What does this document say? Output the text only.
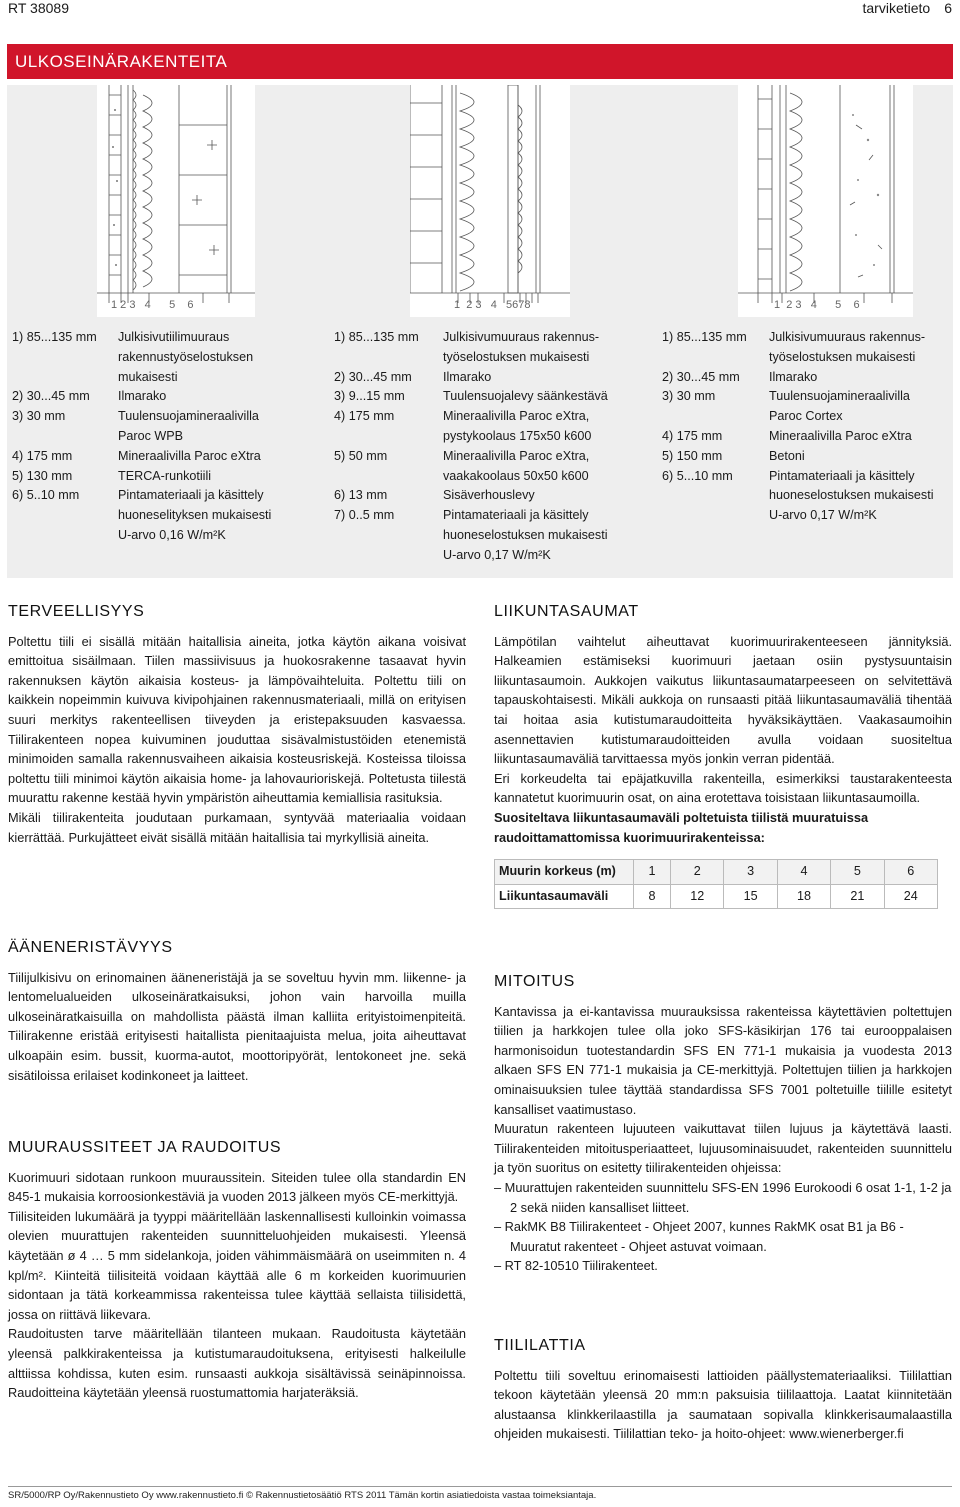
RT 38089	tarviketieto 6
ULKOSEINÄRAKENTEITA
1 2 3   4      5    6	1  2 3   4   5678	1  2 3   4      5    6
1) 85...135 mm	Julkisivutiilimuuraus
rakennustyöselostuksen
mukaisesti
2) 30...45 mm	Ilmarako
3) 30 mm	Tuulensuojamineraalivilla
Paroc WPB
4) 175 mm	Mineraalivilla Paroc eXtra
5) 130 mm	TERCA-runkotiili
6) 5..10 mm	Pintamateriaali ja käsittely
huoneselityksen mukaisesti
U-arvo 0,16 W/m²K
1) 85...135 mm	Julkisivumuuraus rakennus-
työselostuksen mukaisesti
2) 30...45 mm	Ilmarako
3) 9...15 mm	Tuulensuojalevy säänkestävä
4) 175 mm	Mineraalivilla Paroc eXtra,
pystykoolaus 175x50 k600
5) 50 mm	Mineraalivilla Paroc eXtra,
vaakakoolaus 50x50 k600
6) 13 mm	Sisäverhouslevy
7) 0..5 mm	Pintamateriaali ja käsittely
huoneselostuksen mukaisesti
U-arvo 0,17 W/m²K
1) 85...135 mm	Julkisivumuuraus rakennus-
työselostuksen mukaisesti
2) 30...45 mm	Ilmarako
3) 30 mm	Tuulensuojamineraalivilla
Paroc Cortex
4) 175 mm	Mineraalivilla Paroc eXtra
5) 150 mm	Betoni
6) 5...10 mm	Pintamateriaali ja käsittely
huoneselostuksen mukaisesti
U-arvo 0,17 W/m²K
TERVEELLISYYS

Poltettu tiili ei sisällä mitään haitallisia aineita, jotka käytön aikana voisivat emittoitua sisäilmaan. Tiilen massiivisuus ja huokosrakenne tasaavat hyvin rakennuksen käytön aikaisia kosteus- ja lämpövaihteluita. Poltettu tiili on kaikkein nopeimmin kuivuva kivipohjainen rakennusmateriaali, millä on erityisen suuri merkitys rakenteellisen tiiveyden ja eristepaksuuden kasvaessa. Tiilirakenteen nopea kuivuminen jouduttaa sisävalmistustöiden etenemistä minimoiden samalla rakennusvaiheen aikaisia kosteusriskejä. Kosteissa tiloissa poltettu tiili minimoi käytön aikaisia home- ja lahovaurioriskejä. Poltetusta tiilestä muurattu rakenne kestää hyvin ympäristön aiheuttamia kemiallisia rasituksia.

Mikäli tiilirakenteita joudutaan purkamaan, syntyvää materiaalia voidaan kierrättää. Purkujätteet eivät sisällä mitään haitallisia tai myrkyllisiä aineita.

ÄÄNENERISTÄVYYS

Tiilijulkisivu on erinomainen ääneneristäjä ja se soveltuu hyvin mm. liikenne- ja lentomelualueiden ulkoseinäratkaisuksi, johon vain harvoilla muilla ulkoseinäratkaisuilla on mahdollista päästä ilman kalliita erityistoimenpiteitä. Tiilirakenne eristää erityisesti haitallista pienitaajuista melua, joita aiheuttavat ulkoapäin esim. bussit, kuorma-autot, moottoripyörät, lentokoneet jne. sekä sisätiloissa erilaiset kodinkoneet ja laitteet.

MUURAUSSITEET JA RAUDOITUS

Kuorimuuri sidotaan runkoon muuraussitein. Siteiden tulee olla standardin EN 845-1 mukaisia korroosionkestäviä ja vuoden 2013 jälkeen myös CE-merkittyjä.

Tiilisiteiden lukumäärä ja tyyppi määritellään laskennallisesti kulloinkin voimassa olevien muurattujen rakenteiden suunnitteluohjeiden mukaisesti. Yleensä käytetään ø 4 … 5 mm sidelankoja, joiden vähimmäismäärä on useimmiten n. 4 kpl/m². Kiinteitä tiilisiteitä voidaan käyttää alle 6 m korkeiden kuorimuurien sidontaan ja tätä korkeammissa rakenteissa tulee käyttää sellaista tiilisidettä, jossa on riittävä liikevara.

Raudoitusten tarve määritellään tilanteen mukaan. Raudoitusta käytetään yleensä palkkirakenteissa ja kutistumaraudoituksena, erityisesti halkeilulle alttiissa kohdissa, kuten esim. runsaasti aukkoja sisältävissä seinäpinnoissa. Raudoitteina käytetään yleensä ruostumattomia harjateräksiä.

LIIKUNTASAUMAT

Lämpötilan vaihtelut aiheuttavat kuorimuurirakenteeseen jännityksiä. Halkeamien estämiseksi kuorimuuri jaetaan osiin pystysuuntaisin liikuntasaumoin. Aukkojen vaikutus liikuntasaumatarpeeseen on selvitettävä tapauskohtaisesti. Mikäli aukkoja on runsaasti pitää liikuntasaumaväliä tihentää tai hoitaa asia kutistumaraudoitteita hyväksikäyttäen. Vaakasaumoihin asennettavien kutistumaraudoitteiden avulla voidaan suositeltua liikuntasaumaväliä tarvittaessa myös jonkin verran pidentää.

Eri korkeudelta tai epäjatkuvilla rakenteilla, esimerkiksi taustarakenteesta kannatetut kuorimuurin osat, on aina erotettava toisistaan liikuntasaumoilla.

Suositeltava liikuntasaumaväli poltetuista tiilistä muuratuissa raudoittamattomissa kuorimuurirakenteissa:

Muurin korkeus (m)	1	2	3	4	5	6
Liikuntasaumaväli	8	12	15	18	21	24
MITOITUS

Kantavissa ja ei-kantavissa muurauksissa rakenteissa käytettävien poltettujen tiilien ja harkkojen tulee olla joko SFS-käsikirjan 176 tai eurooppalaisen harmonisoidun tuotestandardin SFS EN 771-1 mukaisia ja vuodesta 2013 alkaen SFS EN 771-1 mukaisia ja CE-merkittyjä. Poltettujen tiilien ja harkkojen ominaisuuksien tulee täyttää standardissa SFS 7001 poltetuille tiilille esitetyt kansalliset vaatimustaso.

Muuratun rakenteen lujuuteen vaikuttavat tiilen lujuus ja käytettävä laasti. Tiilirakenteiden mitoitusperiaatteet, lujuusominaisuudet, rakenteiden suunnittelu ja työn suoritus on esitetty tiilirakenteiden ohjeissa:

– Muurattujen rakenteiden suunnittelu SFS-EN 1996 Eurokoodi 6 osat 1-1, 1-2 ja 2 sekä niiden kansalliset liitteet.
– RakMK B8 Tiilirakenteet - Ohjeet 2007, kunnes RakMK osat B1 ja B6 - Muuratut rakenteet - Ohjeet astuvat voimaan.
– RT 82-10510 Tiilirakenteet.
TIILILATTIA

Poltettu tiili soveltuu erinomaisesti lattioiden päällystemateriaaliksi. Tiililattian tekoon käytetään yleensä 20 mm:n paksuisia tiililaattoja. Laatat kiinnitetään alustaansa klinkkerilaastilla ja saumataan sopivalla klinkkerisaumalaastilla ohjeiden mukaisesti. Tiililattian teko- ja hoito-ohjeet: www.wienerberger.fi

SR/5000/RP Oy/Rakennustieto Oy www.rakennustieto.fi © Rakennustietosäätiö RTS 2011 Tämän kortin asiatiedoista vastaa toimeksiantaja.
